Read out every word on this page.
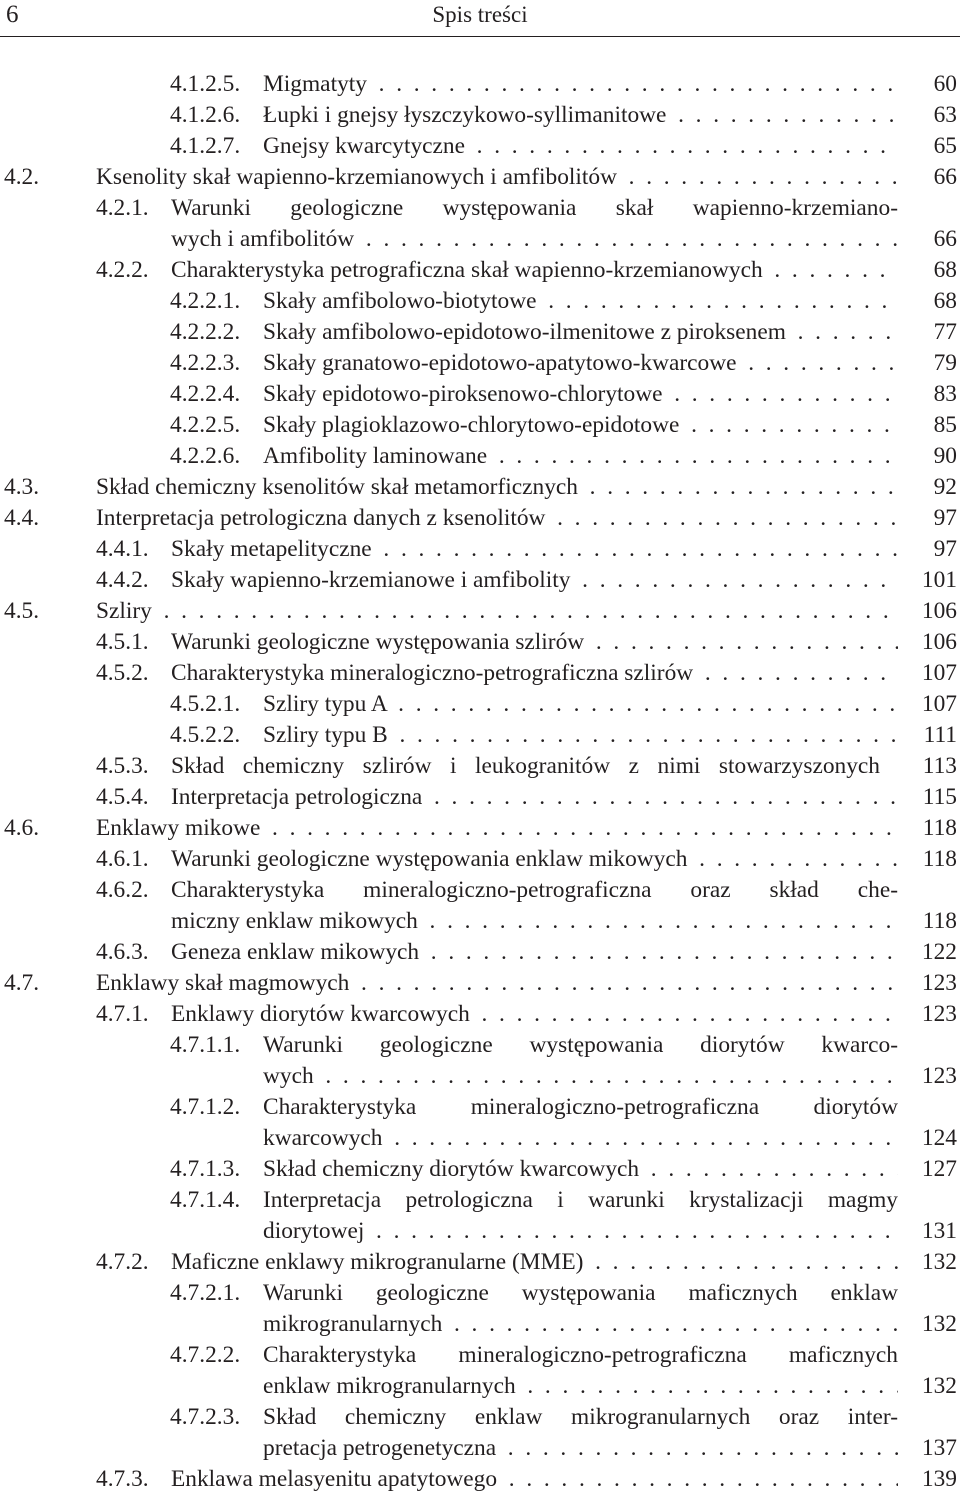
6	Spis treści
4.1.2.5. Migmatyty . .	60
4.1.2.6. Łupki i gnejsy łyszczykowo-syllimanitowe . .	63
4.1.2.7. Gnejsy kwarcytyczne . .	65
4.2. Ksenolity skał wapienno-krzemianowych i amfibolitów . .	66
4.2.1. Warunki geologiczne występowania skał wapienno-krzemiano-
wych i amfibolitów . .	66
4.2.2. Charakterystyka petrograficzna skał wapienno-krzemianowych . .	68
4.2.2.1. Skały amfibolowo-biotytowe . .	68
4.2.2.2. Skały amfibolowo-epidotowo-ilmenitowe z piroksenem . .	77
4.2.2.3. Skały granatowo-epidotowo-apatytowo-kwarcowe . .	79
4.2.2.4. Skały epidotowo-piroksenowo-chlorytowe . .	83
4.2.2.5. Skały plagioklazowo-chlorytowo-epidotowe . .	85
4.2.2.6. Amfibolity laminowane . .	90
4.3. Skład chemiczny ksenolitów skał metamorficznych . .	92
4.4. Interpretacja petrologiczna danych z ksenolitów . .	97
4.4.1. Skały metapelityczne . .	97
4.4.2. Skały wapienno-krzemianowe i amfibolity . .	101
4.5. Szliry . .	106
4.5.1. Warunki geologiczne występowania szlirów . .	106
4.5.2. Charakterystyka mineralogiczno-petrograficzna szlirów . .	107
4.5.2.1. Szliry typu A . .	107
4.5.2.2. Szliry typu B . .	111
4.5.3. Skład chemiczny szlirów i leukogranitów z nimi stowarzyszonych 113
4.5.4. Interpretacja petrologiczna . .	115
4.6. Enklawy mikowe . .	118
4.6.1. Warunki geologiczne występowania enklaw mikowych . .	118
4.6.2. Charakterystyka mineralogiczno-petrograficzna oraz skład che-
miczny enklaw mikowych . .	118
4.6.3. Geneza enklaw mikowych . .	122
4.7. Enklawy skał magmowych . .	123
4.7.1. Enklawy diorytów kwarcowych . .	123
4.7.1.1. Warunki geologiczne występowania diorytów kwarco-
wych . .	123
4.7.1.2. Charakterystyka mineralogiczno-petrograficzna diorytów
kwarcowych . .	124
4.7.1.3. Skład chemiczny diorytów kwarcowych . .	127
4.7.1.4. Interpretacja petrologiczna i warunki krystalizacji magmy
diorytowej . .	131
4.7.2. Maficzne enklawy mikrogranularne (MME) . .	132
4.7.2.1. Warunki geologiczne występowania maficznych enklaw
mikrogranularnych . .	132
4.7.2.2. Charakterystyka mineralogiczno-petrograficzna maficznych
enklaw mikrogranularnych . .	132
4.7.2.3. Skład chemiczny enklaw mikrogranularnych oraz inter-
pretacja petrogenetyczna . .	137
4.7.3. Enklawa melasyenitu apatytowego . .	139
